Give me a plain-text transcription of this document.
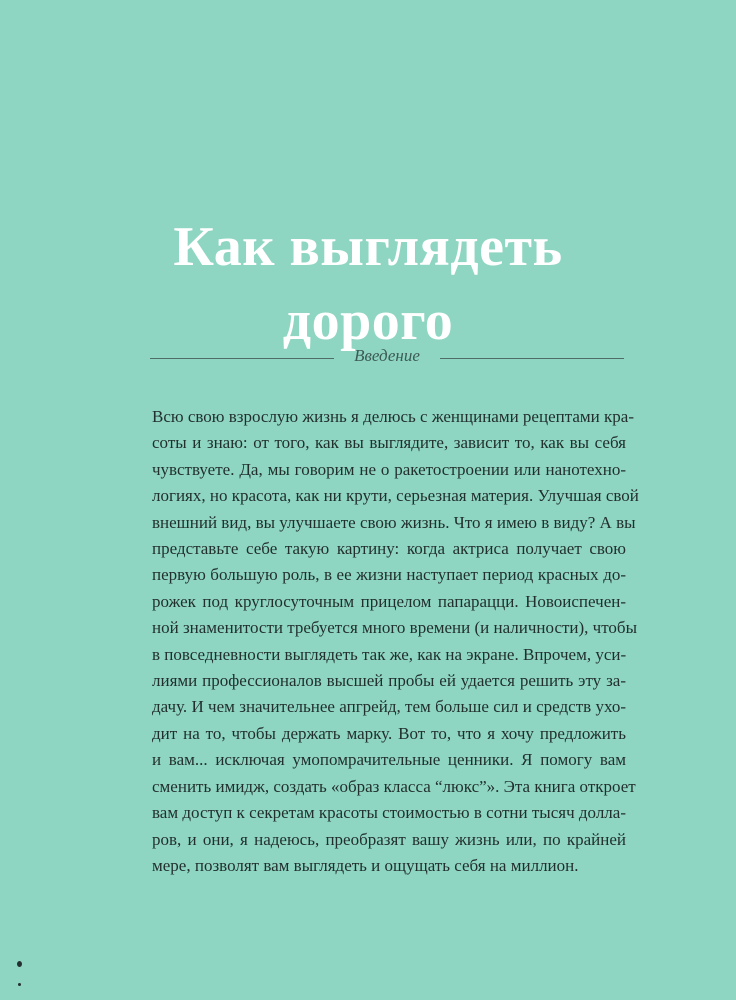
Как выглядеть
дорого
Введение
Всю свою взрослую жизнь я делюсь с женщинами рецептами кра-
соты и знаю: от того, как вы выглядите, зависит то, как вы себя
чувствуете. Да, мы говорим не о ракетостроении или нанотехно-
логиях, но красота, как ни крути, серьезная материя. Улучшая свой
внешний вид, вы улучшаете свою жизнь. Что я имею в виду? А вы
представьте себе такую картину: когда актриса получает свою
первую большую роль, в ее жизни наступает период красных до-
рожек под круглосуточным прицелом папарацци. Новоиспечен-
ной знаменитости требуется много времени (и наличности), чтобы
в повседневности выглядеть так же, как на экране. Впрочем, уси-
лиями профессионалов высшей пробы ей удается решить эту за-
дачу. И чем значительнее апгрейд, тем больше сил и средств ухо-
дит на то, чтобы держать марку. Вот то, что я хочу предложить
и вам... исключая умопомрачительные ценники. Я помогу вам
сменить имидж, создать «образ класса “люкс”». Эта книга откроет
вам доступ к секретам красоты стоимостью в сотни тысяч долла-
ров, и они, я надеюсь, преобразят вашу жизнь или, по крайней
мере, позволят вам выглядеть и ощущать себя на миллион.
